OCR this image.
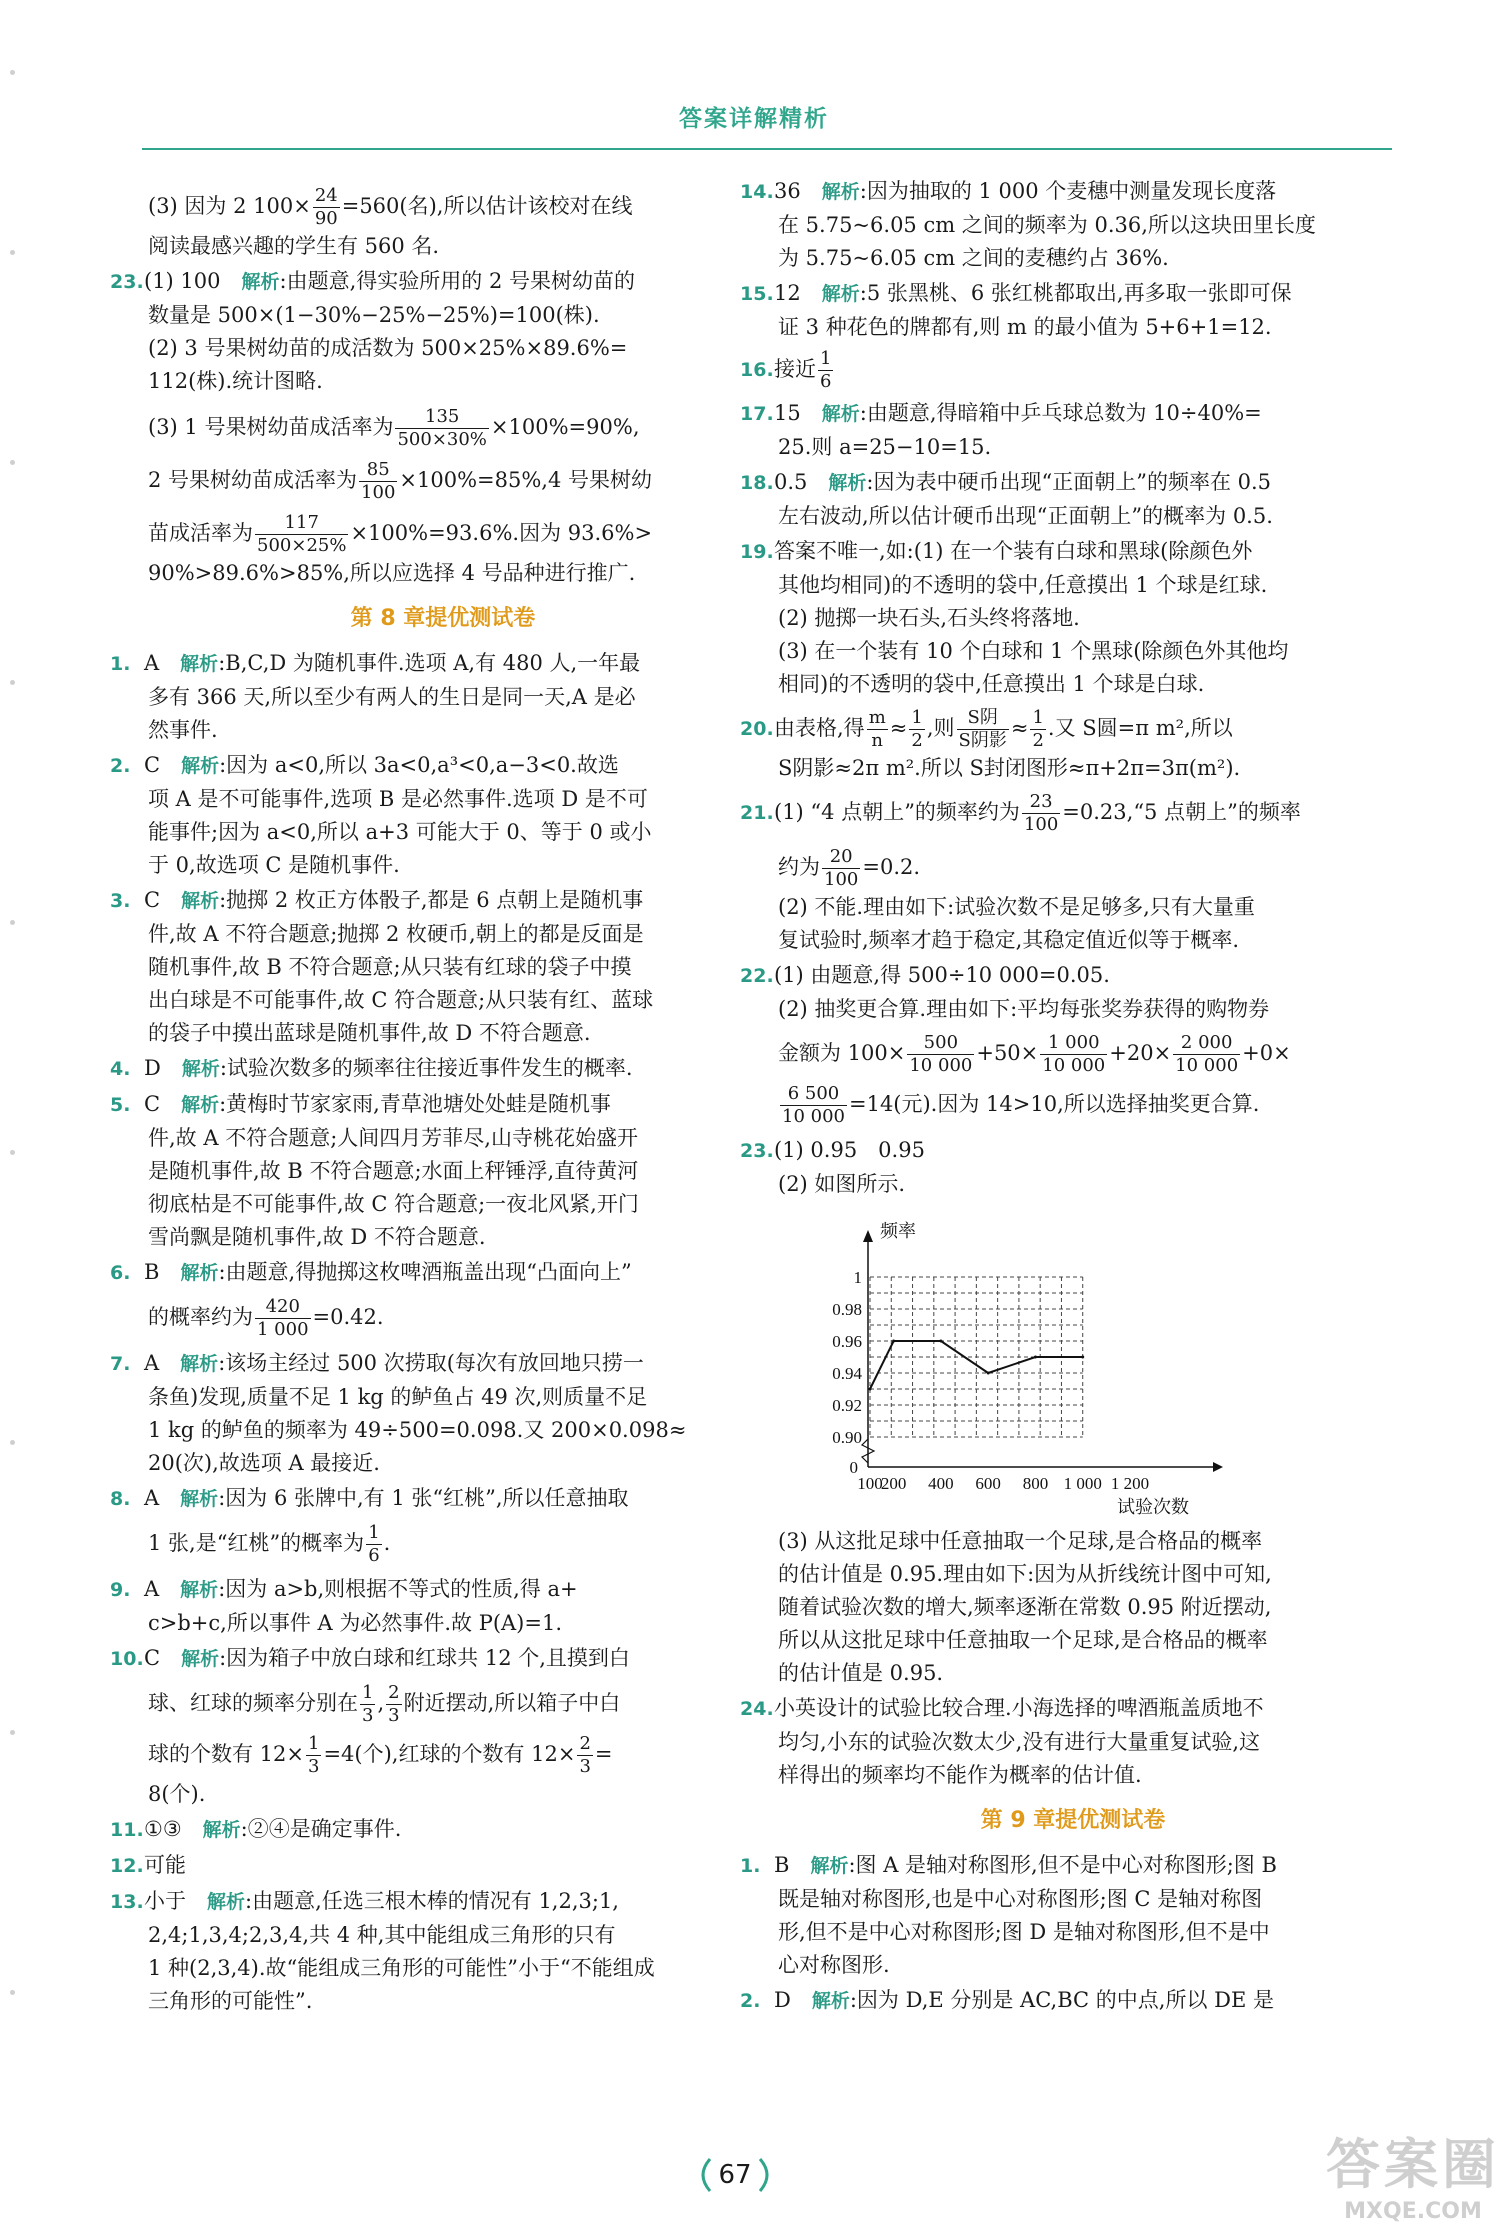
答案详解精析

(3) 因为 2 $100\times \frac{24}{90} =560$(名),所以估计该校对在线

阅读最感兴趣的学生有 560 名.

23.(1) 100　 解析:由题意,得实验所用的 2 号果树幼苗的

数量是 500×(1−30%−25%−25%)=100(株).

(2) 3 号果树幼苗的成活数为 500×25%×89.6%=

112(株).统计图略.

(3) 1 号果树幼苗成活率为 $\frac{135}{500\times 30\%} \times 100\%=90\%$,

2 号果树幼苗成活率为 $\frac{85}{100} \times 100\%=85\%,4$ 号果树幼

苗成活率为 $\frac{117}{500\times 25\%} \times 100\%=93.6\%$.因为 93.6%>

90%>89.6%>85%,所以应选择 4 号品种进行推广.

第 8 章提优测试卷

1. A　 解析:B,C,D 为随机事件.选项 A,有 480 人,一年最

多有 366 天,所以至少有两人的生日是同一天,A 是必

然事件.

2. C　 解析:因为 a<0,所以 3a<0,a³<0,a−3<0.故选

项 A 是不可能事件,选项 B 是必然事件.选项 D 是不可

能事件;因为 a<0,所以 a+3 可能大于 0、等于 0 或小

于 0,故选项 C 是随机事件.

3. C　 解析:抛掷 2 枚正方体骰子,都是 6 点朝上是随机事

件,故 A 不符合题意;抛掷 2 枚硬币,朝上的都是反面是

随机事件,故 B 不符合题意;从只装有红球的袋子中摸

出白球是不可能事件,故 C 符合题意;从只装有红、蓝球

的袋子中摸出蓝球是随机事件,故 D 不符合题意.

4. D　 解析:试验次数多的频率往往接近事件发生的概率.

5. C　 解析:黄梅时节家家雨,青草池塘处处蛙是随机事

件,故 A 不符合题意;人间四月芳菲尽,山寺桃花始盛开

是随机事件,故 B 不符合题意;水面上秤锤浮,直待黄河

彻底枯是不可能事件,故 C 符合题意;一夜北风紧,开门

雪尚飘是随机事件,故 D 不符合题意.

6. B　 解析:由题意,得抛掷这枚啤酒瓶盖出现“凸面向上”

的概率约为 $\frac{420}{1 000} =0.42$.

7. A　 解析:该场主经过 500 次捞取(每次有放回地只捞一

条鱼)发现,质量不足 1 kg 的鲈鱼占 49 次,则质量不足

1 kg 的鲈鱼的频率为 49÷500=0.098.又 200×0.098≈

20(次),故选项 A 最接近.

8. A　 解析:因为 6 张牌中,有 1 张“红桃”,所以任意抽取

1 张,是“红桃”的概率为 $\frac{1}{6}$ .

9. A　 解析:因为 a>b,则根据不等式的性质,得 a+

c>b+c,所以事件 A 为必然事件.故 P(A)=1.

10.C　 解析:因为箱子中放白球和红球共 12 个,且摸到白

球、红球的频率分别在 $\frac{1}{3}$ , $\frac{2}{3}$ 附近摆动,所以箱子中白

球的个数有 $12\times \frac{1}{3} =4$(个),红球的个数有 $12\times \frac{2}{3}$ =

8(个).

11.①③　 解析:②④是确定事件.

12.可能

13.小于　 解析:由题意,任选三根木棒的情况有 1,2,3;1,

2,4;1,3,4;2,3,4,共 4 种,其中能组成三角形的只有

1 种(2,3,4).故“能组成三角形的可能性”小于“不能组成

三角形的可能性”.

14.36　 解析:因为抽取的 1 000 个麦穗中测量发现长度落

在 5.75~6.05 cm 之间的频率为 0.36,所以这块田里长度

为 5.75~6.05 cm 之间的麦穗约占 36%.

15.12　 解析:5 张黑桃、6 张红桃都取出,再多取一张即可保

证 3 种花色的牌都有,则 m 的最小值为 5+6+1=12.

16.接近 $\frac{1}{6}$

17.15　 解析:由题意,得暗箱中乒乓球总数为 10÷40%=

25.则 a=25−10=15.

18.0.5　 解析:因为表中硬币出现“正面朝上”的频率在 0.5

左右波动,所以估计硬币出现“正面朝上”的概率为 0.5.

19.答案不唯一,如:(1) 在一个装有白球和黑球(除颜色外

其他均相同)的不透明的袋中,任意摸出 1 个球是红球.

(2) 抛掷一块石头,石头终将落地.

(3) 在一个装有 10 个白球和 1 个黑球(除颜色外其他均

相同)的不透明的袋中,任意摸出 1 个球是白球.

20.由表格,得 $\frac{m}{n} \approx \frac{1}{2}$ ,则 $\frac{\text{S阴}}{\text{S阴影}} \approx \frac{1}{2}$ .又 S圆=π m²,所以

S阴影≈2π m².所以 S封闭图形≈π+2π=3π(m²).

21.(1) “4 点朝上”的频率约为 $\frac{23}{100}$ =0.23,“5 点朝上”的频率

约为 $\frac{20}{100} =0.2$.

(2) 不能.理由如下:试验次数不是足够多,只有大量重

复试验时,频率才趋于稳定,其稳定值近似等于概率.

22.(1) 由题意,得 500÷10 000=0.05.

(2) 抽奖更合算.理由如下:平均每张奖券获得的购物券

金额为 $100\times \frac{500}{10 000} +50\times \frac{1 000}{10 000} +20\times \frac{2 000}{10 000} +0\times$

$\frac{6 500}{10 000} =14$(元).因为 14>10,所以选择抽奖更合算.

23.(1) 0.95　0.95

(2) 如图所示.

0.90
0.92
0.94
0.96
0.98
1
0
100
200 400 600 800 1 000 1 200
频率
试验次数

(3) 从这批足球中任意抽取一个足球,是合格品的概率

的估计值是 0.95.理由如下:因为从折线统计图中可知,

随着试验次数的增大,频率逐渐在常数 0.95 附近摆动,

所以从这批足球中任意抽取一个足球,是合格品的概率

的估计值是 0.95.

24.小英设计的试验比较合理.小海选择的啤酒瓶盖质地不

均匀,小东的试验次数太少,没有进行大量重复试验,这

样得出的频率均不能作为概率的估计值.

第 9 章提优测试卷

1. B　 解析:图 A 是轴对称图形,但不是中心对称图形;图 B

既是轴对称图形,也是中心对称图形;图 C 是轴对称图

形,但不是中心对称图形;图 D 是轴对称图形,但不是中

心对称图形.

2. D　 解析:因为 D,E 分别是 AC,BC 的中点,所以 DE 是

67	答案圈
MXQE.COM
